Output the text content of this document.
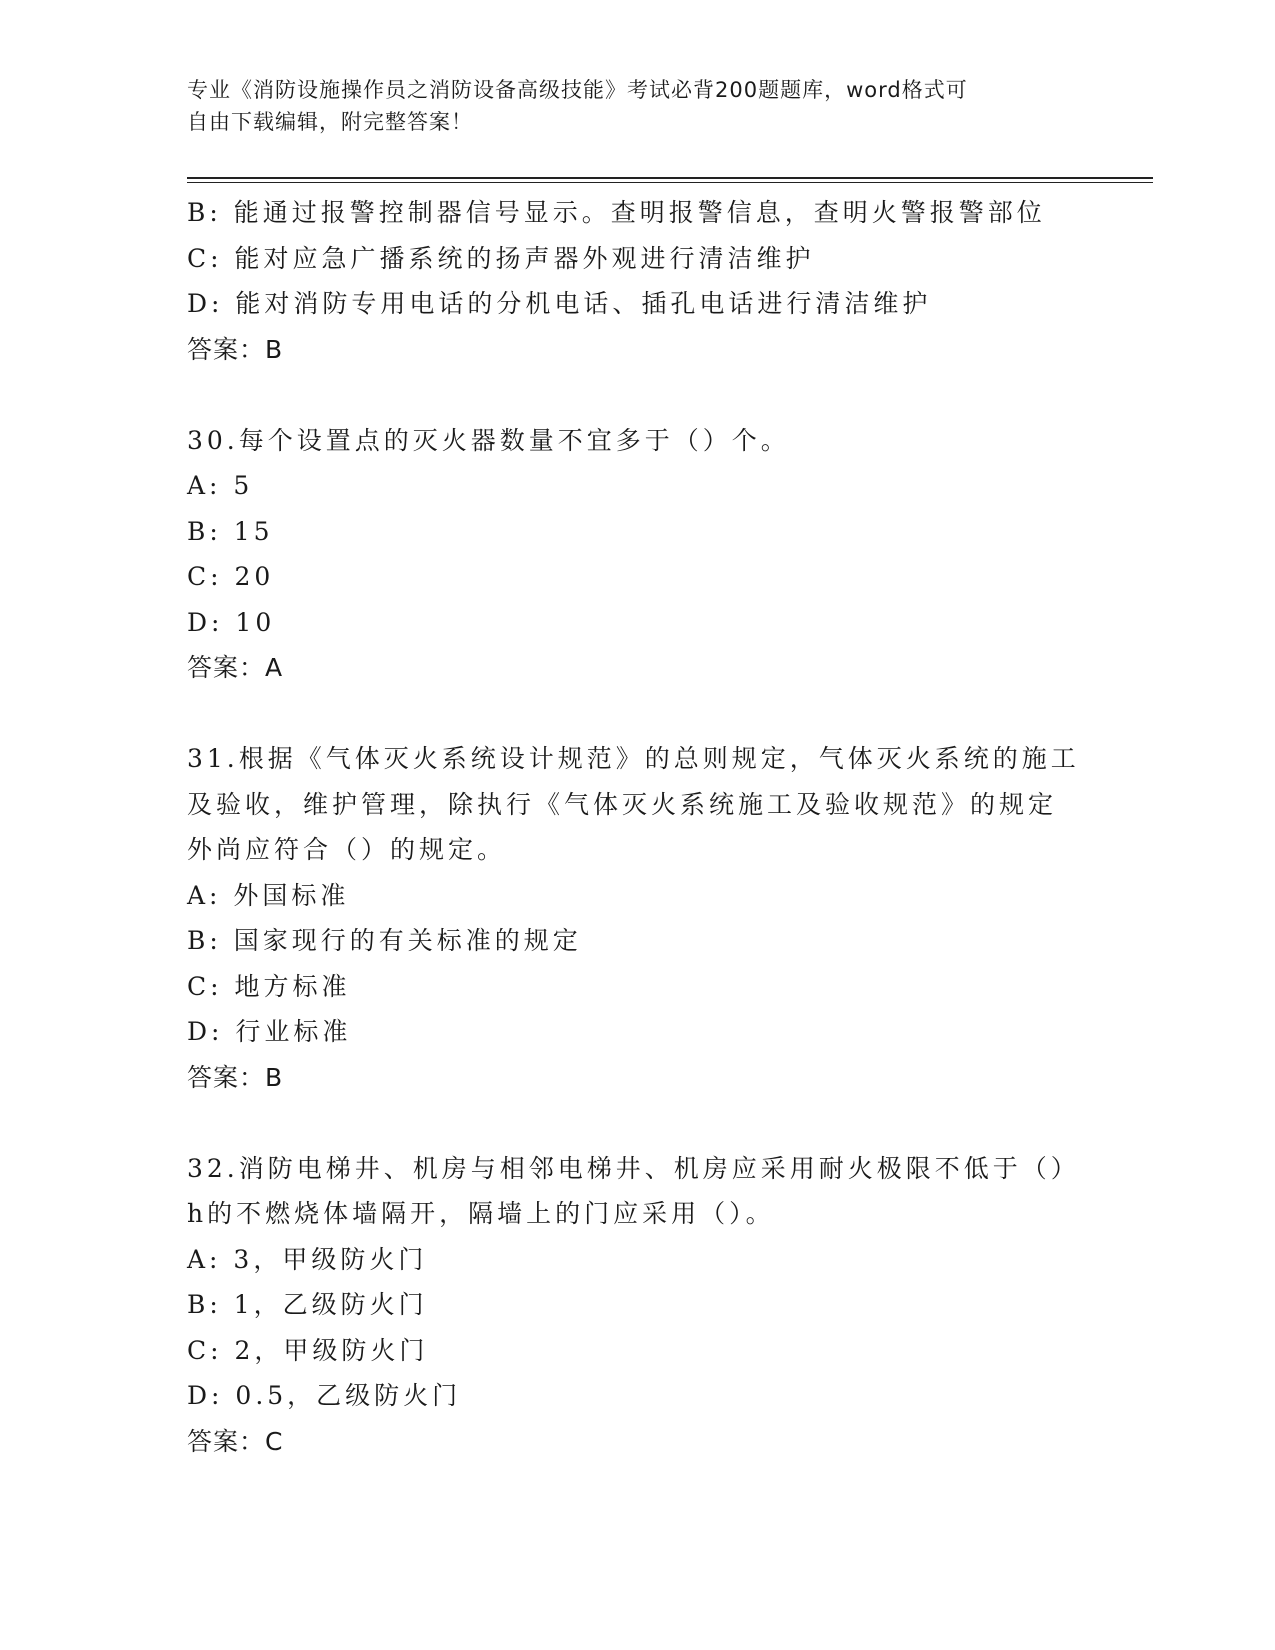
专业《消防设施操作员之消防设备高级技能》考试必背200题题库，word格式可
自由下载编辑，附完整答案！
B: 能通过报警控制器信号显示。查明报警信息，查明火警报警部位
C: 能对应急广播系统的扬声器外观进行清洁维护
D: 能对消防专用电话的分机电话、插孔电话进行清洁维护
答案：B
30.每个设置点的灭火器数量不宜多于（）个。
A: 5
B: 15
C: 20
D: 10
答案：A
31.根据《气体灭火系统设计规范》的总则规定，气体灭火系统的施工
及验收，维护管理，除执行《气体灭火系统施工及验收规范》的规定
外尚应符合（）的规定。
A: 外国标准
B: 国家现行的有关标准的规定
C: 地方标准
D: 行业标准
答案：B
32.消防电梯井、机房与相邻电梯井、机房应采用耐火极限不低于（）
h的不燃烧体墙隔开，隔墙上的门应采用（）。
A: 3，甲级防火门
B: 1，乙级防火门
C: 2，甲级防火门
D: 0.5，乙级防火门
答案：C
